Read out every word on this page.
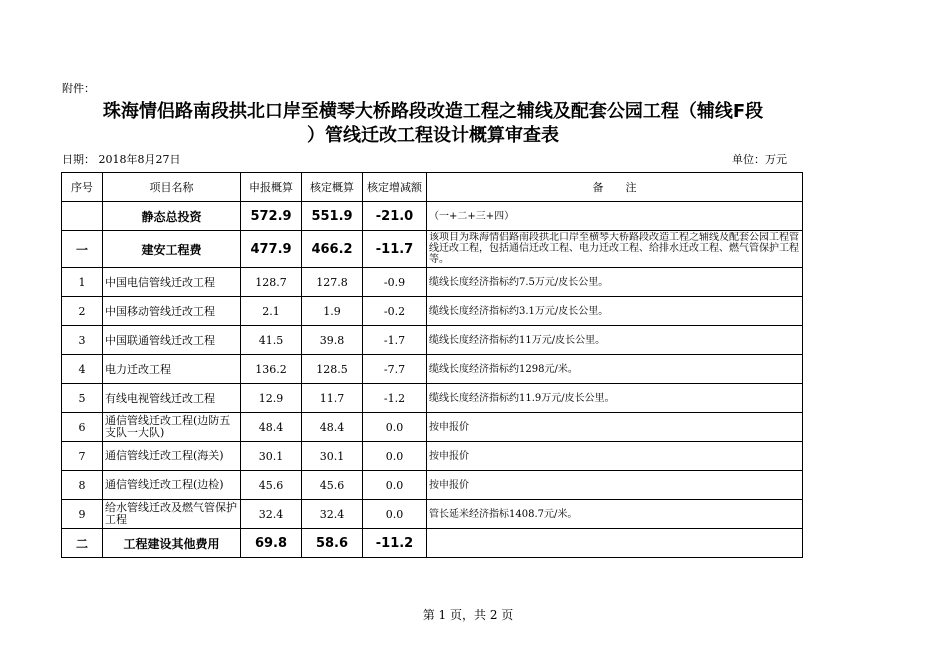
附件：
珠海情侣路南段拱北口岸至横琴大桥路段改造工程之辅线及配套公园工程（辅线F段
）管线迁改工程设计概算审查表
日期： 2018年8月27日	单位：万元
序号	项目名称	申报概算	核定概算	核定增减额	备　　注
	静态总投资	572.9	551.9	-21.0	（一+二+三+四）
一	建安工程费	477.9	466.2	-11.7	该项目为珠海情侣路南段拱北口岸至横琴大桥路段改造工程之辅线及配套公园工程管线迁改工程，包括通信迁改工程、电力迁改工程、给排水迁改工程、燃气管保护工程等。

1	中国电信管线迁改工程	128.7	127.8	-0.9	缆线长度经济指标约7.5万元/皮长公里。
2	中国移动管线迁改工程	2.1	1.9	-0.2	缆线长度经济指标约3.1万元/皮长公里。
3	中国联通管线迁改工程	41.5	39.8	-1.7	缆线长度经济指标约11万元/皮长公里。
4	电力迁改工程	136.2	128.5	-7.7	缆线长度经济指标约1298元/米。
5	有线电视管线迁改工程	12.9	11.7	-1.2	缆线长度经济指标约11.9万元/皮长公里。
6	通信管线迁改工程(边防五支队一大队)	48.4	48.4	0.0	按申报价
7	通信管线迁改工程(海关)	30.1	30.1	0.0	按申报价
8	通信管线迁改工程(边检)	45.6	45.6	0.0	按申报价
9	给水管线迁改及燃气管保护工程	32.4	32.4	0.0	管长延米经济指标1408.7元/米。
二	工程建设其他费用	69.8	58.6	-11.2	
第 1 页，共 2 页
